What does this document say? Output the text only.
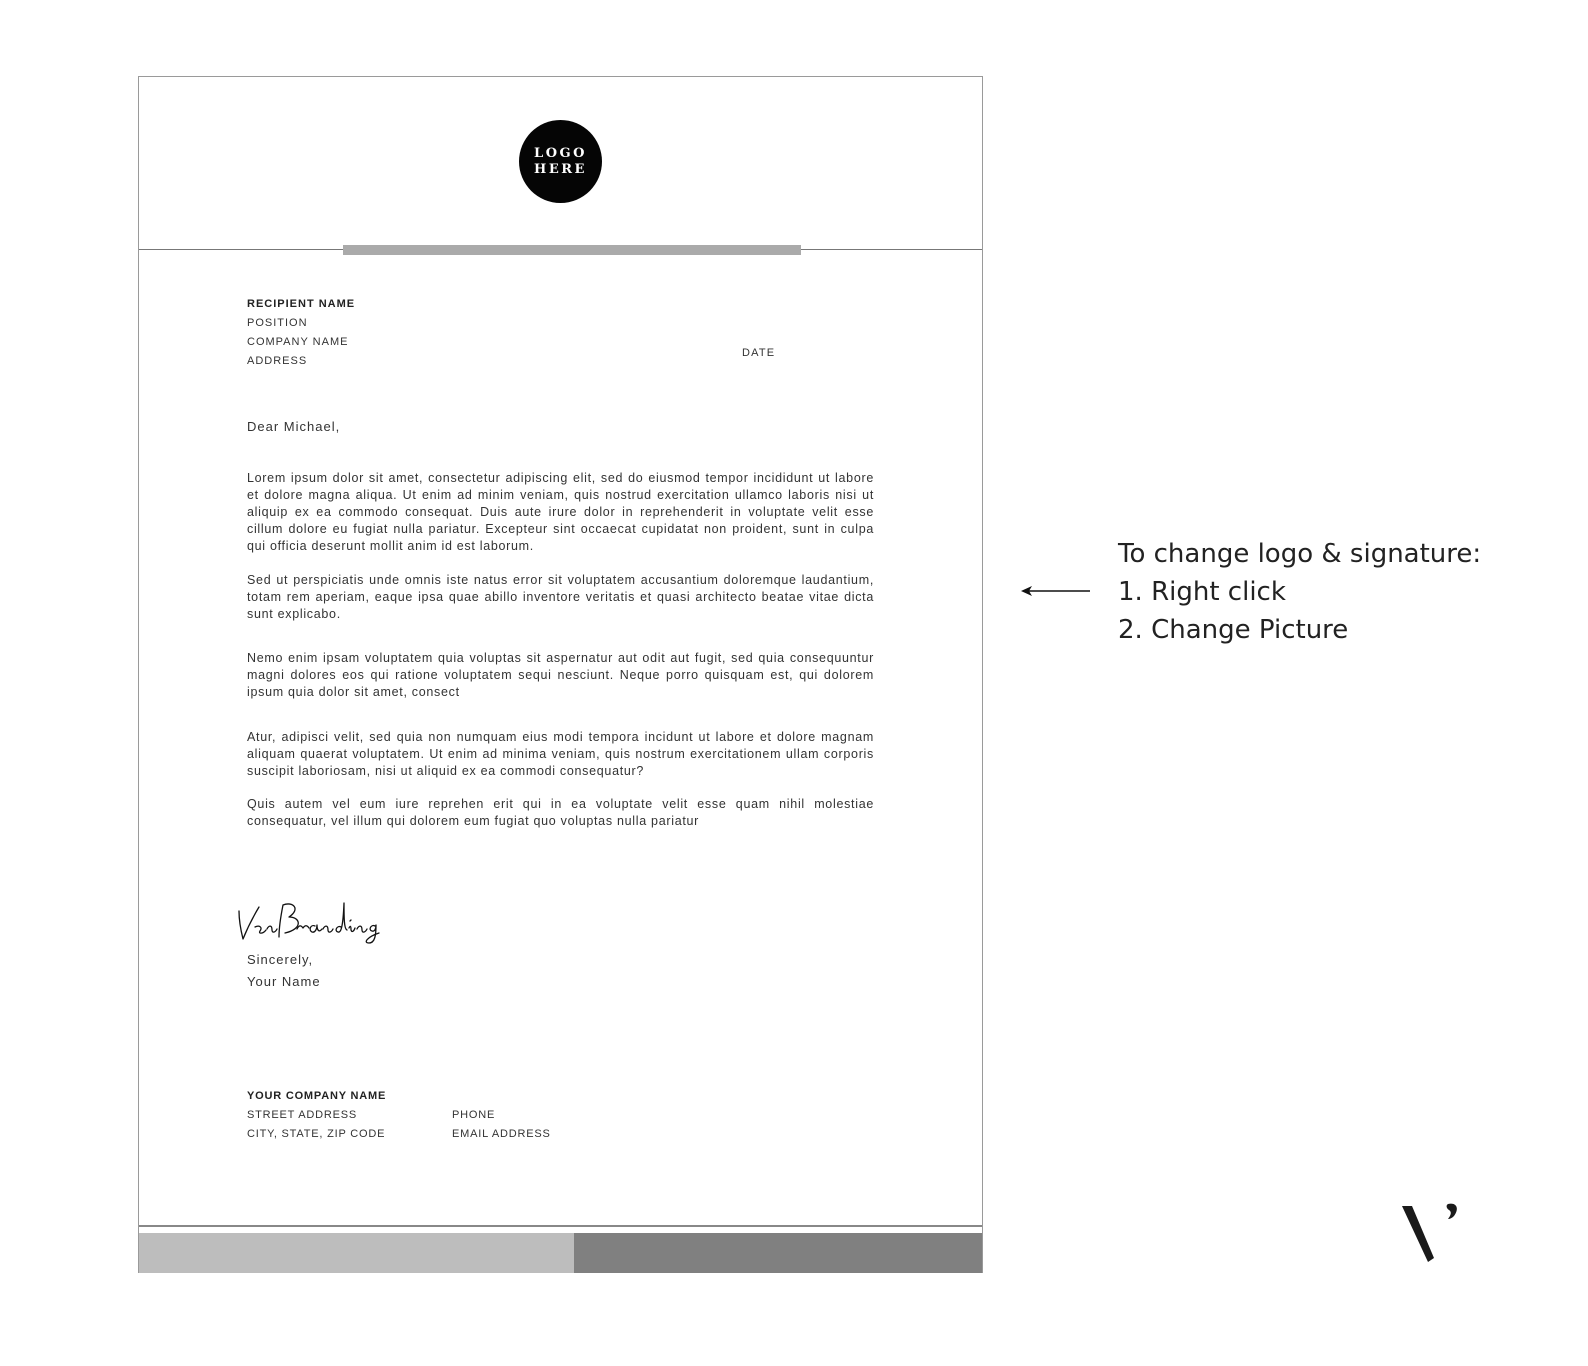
LOGO
HERE
RECIPIENT NAME
POSITION
COMPANY NAME
ADDRESS
DATE
Dear Michael,
Lorem ipsum dolor sit amet, consectetur adipiscing elit, sed do eiusmod tempor incididunt ut labore et dolore magna aliqua. Ut enim ad minim veniam, quis nostrud exercitation ullamco laboris nisi ut aliquip ex ea commodo consequat. Duis aute irure dolor in reprehenderit in voluptate velit esse cillum dolore eu fugiat nulla pariatur. Excepteur sint occaecat cupidatat non proident, sunt in culpa qui officia deserunt mollit anim id est laborum.
Sed ut perspiciatis unde omnis iste natus error sit voluptatem accusantium doloremque laudantium, totam rem aperiam, eaque ipsa quae abillo inventore veritatis et quasi architecto beatae vitae dicta sunt explicabo.
Nemo enim ipsam voluptatem quia voluptas sit aspernatur aut odit aut fugit, sed quia consequuntur magni dolores eos qui ratione voluptatem sequi nesciunt. Neque porro quisquam est, qui dolorem ipsum quia dolor sit amet, consect
Atur, adipisci velit, sed quia non numquam eius modi tempora incidunt ut labore et dolore magnam aliquam quaerat voluptatem. Ut enim ad minima veniam, quis nostrum exercitationem ullam corporis suscipit laboriosam, nisi ut aliquid ex ea commodi consequatur?
Quis autem vel eum iure reprehen erit qui in ea voluptate velit esse quam nihil molestiae consequatur, vel illum qui dolorem eum fugiat quo voluptas nulla pariatur
Sincerely,
Your Name
YOUR COMPANY NAME
STREET ADDRESS
CITY, STATE, ZIP CODE
PHONE
EMAIL ADDRESS
To change logo & signature:
1. Right click
2. Change Picture
